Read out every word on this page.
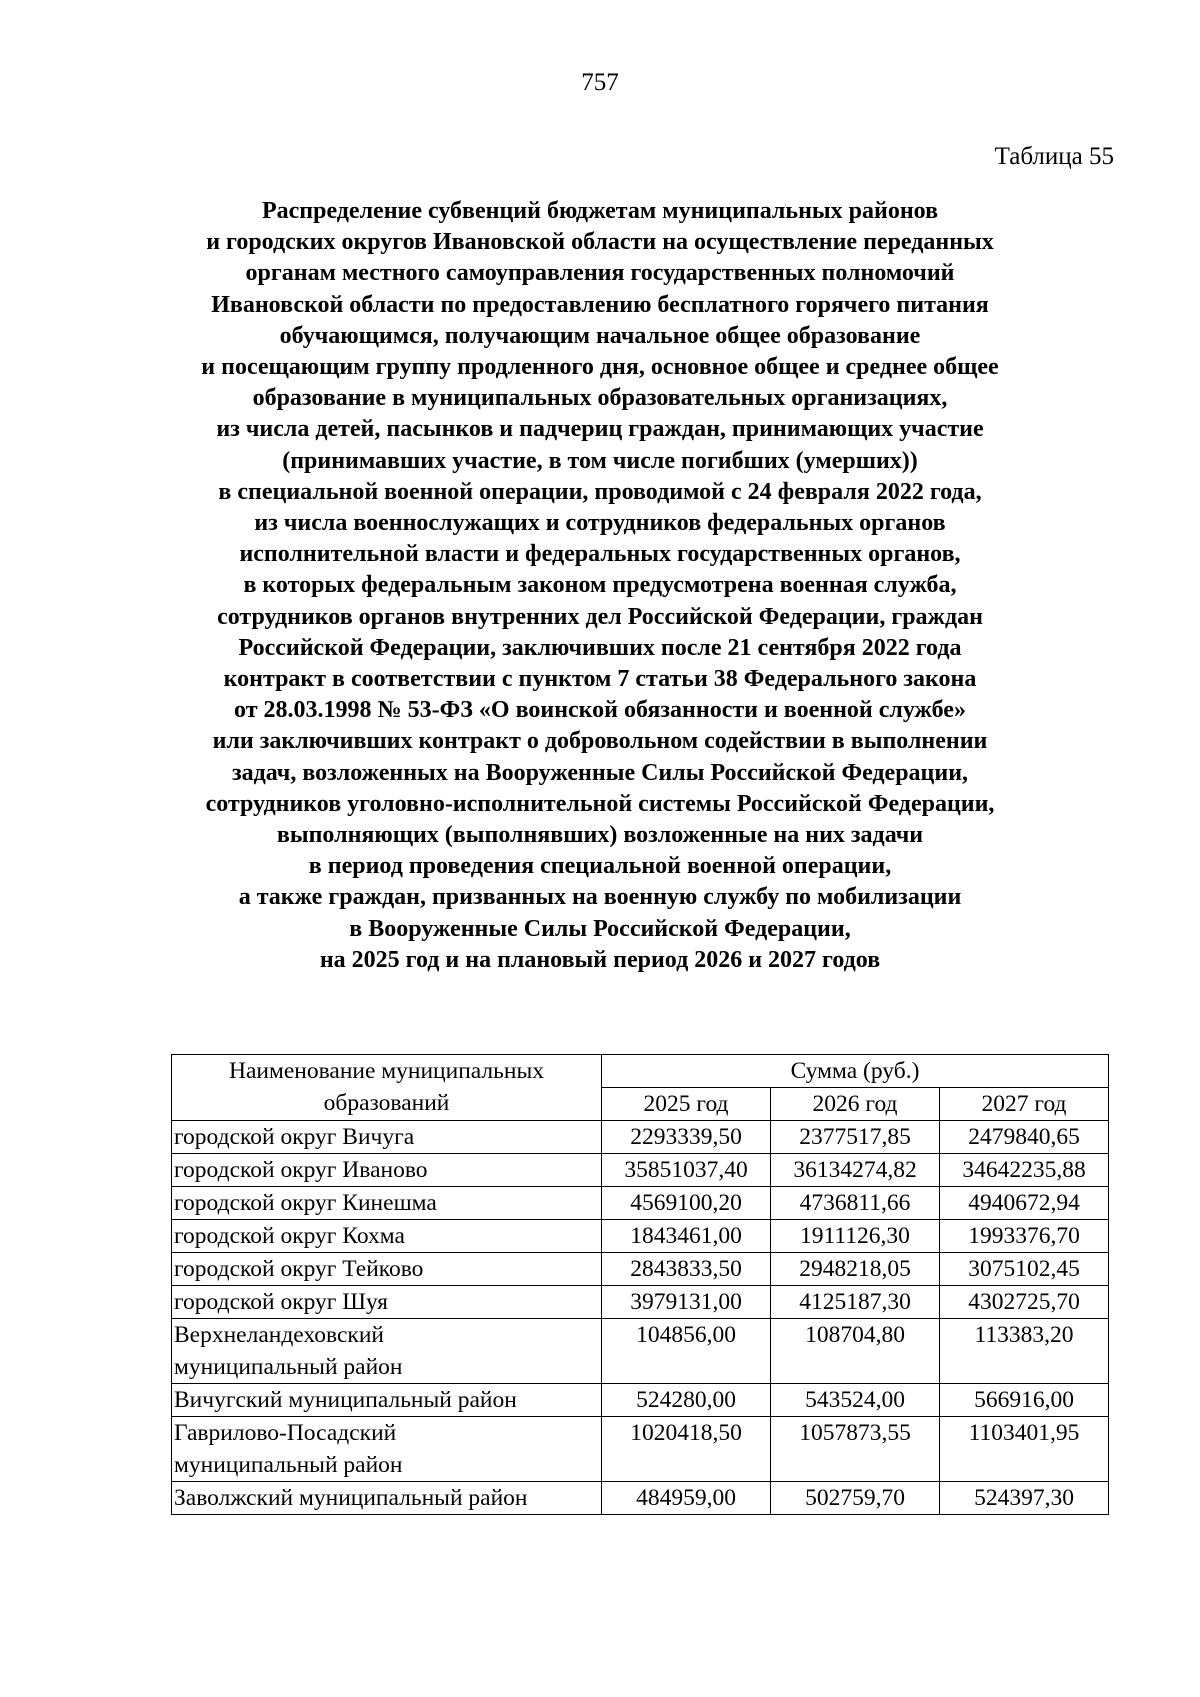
757
Таблица 55
Распределение субвенций бюджетам муниципальных районов
и городских округов Ивановской области на осуществление переданных
органам местного самоуправления государственных полномочий
Ивановской области по предоставлению бесплатного горячего питания
обучающимся, получающим начальное общее образование
и посещающим группу продленного дня, основное общее и среднее общее
образование в муниципальных образовательных организациях,
из числа детей, пасынков и падчериц граждан, принимающих участие
(принимавших участие, в том числе погибших (умерших))
в специальной военной операции, проводимой с 24 февраля 2022 года,
из числа военнослужащих и сотрудников федеральных органов
исполнительной власти и федеральных государственных органов,
в которых федеральным законом предусмотрена военная служба,
сотрудников органов внутренних дел Российской Федерации, граждан
Российской Федерации, заключивших после 21 сентября 2022 года
контракт в соответствии с пунктом 7 статьи 38 Федерального закона
от 28.03.1998 № 53-ФЗ «О воинской обязанности и военной службе»
или заключивших контракт о добровольном содействии в выполнении
задач, возложенных на Вооруженные Силы Российской Федерации,
сотрудников уголовно-исполнительной системы Российской Федерации,
выполняющих (выполнявших) возложенные на них задачи
в период проведения специальной военной операции,
а также граждан, призванных на военную службу по мобилизации
в Вооруженные Силы Российской Федерации,
на 2025 год и на плановый период 2026 и 2027 годов
Наименование муниципальных
образований	Сумма (руб.)		
	2025 год	2026 год	2027 год
городской округ Вичуга	2293339,50	2377517,85	2479840,65
городской округ Иваново	35851037,40	36134274,82	34642235,88
городской округ Кинешма	4569100,20	4736811,66	4940672,94
городской округ Кохма	1843461,00	1911126,30	1993376,70
городской округ Тейково	2843833,50	2948218,05	3075102,45
городской округ Шуя	3979131,00	4125187,30	4302725,70
Верхнеландеховский
муниципальный район	104856,00	108704,80	113383,20
Вичугский муниципальный район	524280,00	543524,00	566916,00
Гаврилово-Посадский
муниципальный район	1020418,50	1057873,55	1103401,95
Заволжский муниципальный район	484959,00	502759,70	524397,30
